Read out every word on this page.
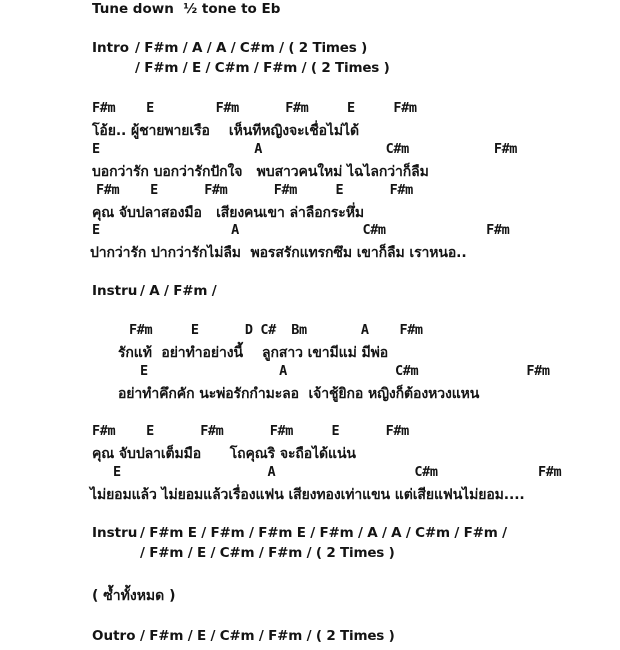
Tune down  ½ tone to Eb
Intro / F#m / A / A / C#m / ( 2 Times )
/ F#m / E / C#m / F#m / ( 2 Times )
F#m    E        F#m      F#m     E     F#m
โอ้ย.. ผู้ชายพายเรือ    เห็นทีหญิงจะเชื่อไม่ได้
E                    A                C#m           F#m
บอกว่ารัก บอกว่ารักปักใจ   พบสาวคนใหม่ ไฉไลกว่าก็ลืม
F#m    E      F#m      F#m     E      F#m
คุณ จับปลาสองมือ   เสียงคนเขา ล่าลือกระหึ่ม
E                 A                C#m             F#m
ปากว่ารัก ปากว่ารักไม่ลืม  พอรสรักแทรกซึม เขาก็ลืม เราหนอ..
Instru / A / F#m /
F#m     E      D C#  Bm       A    F#m
รักแท้  อย่าทำอย่างนี้    ลูกสาว เขามีแม่ มีพ่อ
E                 A              C#m              F#m
อย่าทำคึกคัก นะพ่อรักกำมะลอ  เจ้าชู้ยิกอ หญิงก็ต้องหวงแหน
F#m    E      F#m      F#m     E      F#m
คุณ จับปลาเต็มมือ      โถคุณริ จะถือได้แน่น
E                   A                  C#m             F#m
ไม่ยอมแล้ว ไม่ยอมแล้วเรื่องแฟน เสียงทองเท่าแขน แต่เสียแฟนไม่ยอม....
Instru / F#m E / F#m / F#m E / F#m / A / A / C#m / F#m /
/ F#m / E / C#m / F#m / ( 2 Times )
( ซ้ำทั้งหมด )
Outro / F#m / E / C#m / F#m / ( 2 Times )
